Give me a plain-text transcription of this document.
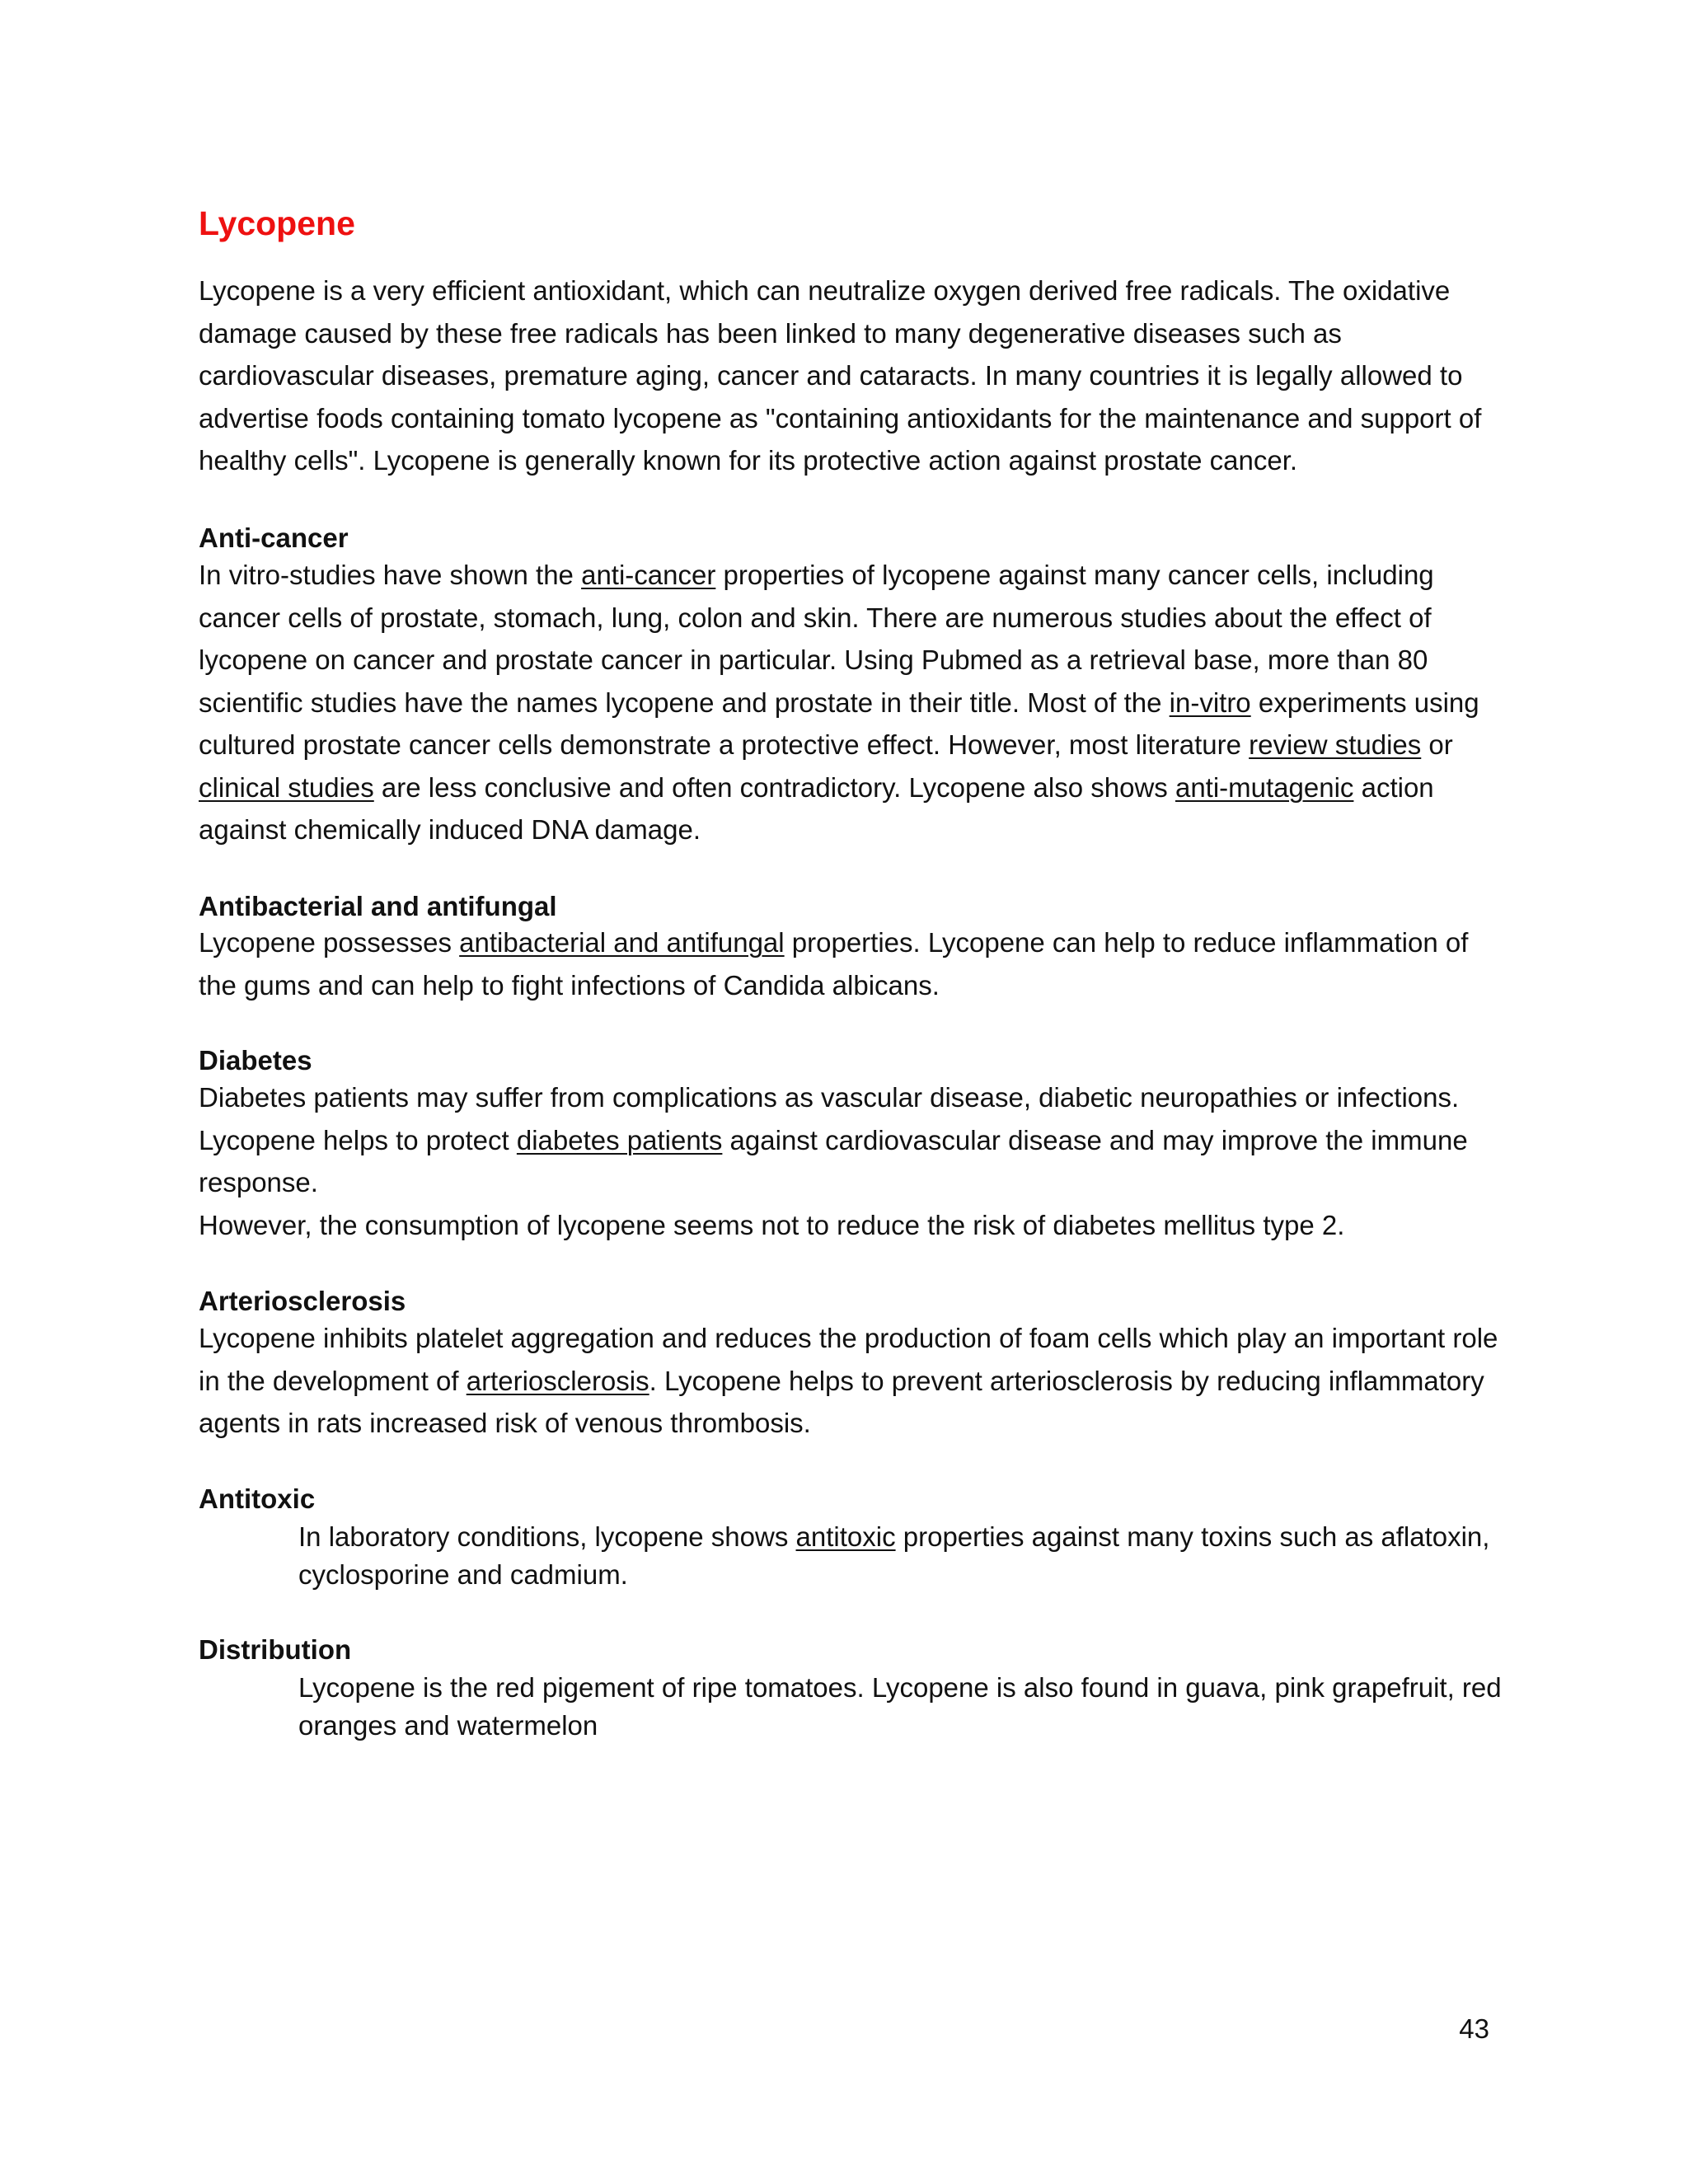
Lycopene

Lycopene is a very efficient antioxidant, which can neutralize oxygen derived free radicals. The oxidative damage caused by these free radicals has been linked to many degenerative diseases such as cardiovascular diseases, premature aging, cancer and cataracts. In many countries it is legally allowed to advertise foods containing tomato lycopene as "containing antioxidants for the maintenance and support of healthy cells". Lycopene is generally known for its protective action against prostate cancer.

Anti-cancer

In vitro-studies have shown the anti-cancer properties of lycopene against many cancer cells, including cancer cells of prostate, stomach, lung, colon and skin. There are numerous studies about the effect of lycopene on cancer and prostate cancer in particular. Using Pubmed as a retrieval base, more than 80 scientific studies have the names lycopene and prostate in their title. Most of the in-vitro experiments using cultured prostate cancer cells demonstrate a protective effect. However, most literature review studies or clinical studies are less conclusive and often contradictory. Lycopene also shows anti-mutagenic action against chemically induced DNA damage.

Antibacterial and antifungal

Lycopene possesses antibacterial and antifungal properties. Lycopene can help to reduce inflammation of the gums and can help to fight infections of Candida albicans.

Diabetes

Diabetes patients may suffer from complications as vascular disease, diabetic neuropathies or infections. Lycopene helps to protect diabetes patients against cardiovascular disease and may improve the immune response.

However, the consumption of lycopene seems not to reduce the risk of diabetes mellitus type 2.

Arteriosclerosis

Lycopene inhibits platelet aggregation and reduces the production of foam cells which play an important role in the development of arteriosclerosis. Lycopene helps to prevent arteriosclerosis by reducing inflammatory agents in rats increased risk of venous thrombosis.

Antitoxic

In laboratory conditions, lycopene shows antitoxic properties against many toxins such as aflatoxin, cyclosporine and cadmium.

Distribution

Lycopene is the red pigement of ripe tomatoes. Lycopene is also found in guava, pink grapefruit, red oranges and watermelon

43
